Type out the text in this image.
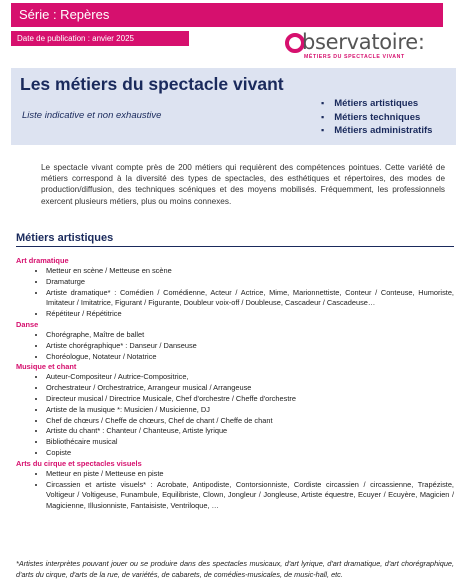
Série : Repères
Date de publication : anvier 2025	bservatoire:
MÉTIERS DU SPECTACLE VIVANT
Les métiers du spectacle vivant
Liste indicative et non exhaustive
▪ Métiers artistiques
▪ Métiers techniques
▪ Métiers administratifs

Le spectacle vivant compte près de 200 métiers qui requièrent des compétences pointues. Cette variété de métiers correspond à la diversité des types de spectacles, des esthétiques et répertoires, des modes de production/diffusion, des techniques scéniques et des moyens mobilisés. Fréquemment, les professionnels exercent plusieurs métiers, plus ou moins connexes.

Métiers artistiques
Art dramatique
• Metteur en scène / Metteuse en scène
• Dramaturge
• Artiste dramatique* : Comédien / Comédienne, Acteur / Actrice, Mime, Marionnettiste, Conteur / Conteuse, Humoriste, Imitateur / Imitatrice, Figurant / Figurante, Doubleur voix-off / Doubleuse, Cascadeur / Cascadeuse…
• Répétiteur / Répétitrice
Danse
• Chorégraphe, Maître de ballet
• Artiste chorégraphique* : Danseur / Danseuse
• Choréologue, Notateur / Notatrice
Musique et chant
• Auteur-Compositeur / Autrice-Compositrice,
• Orchestrateur / Orchestratrice, Arrangeur musical / Arrangeuse
• Directeur musical / Directrice Musicale, Chef d'orchestre / Cheffe d'orchestre
• Artiste de la musique *: Musicien / Musicienne, DJ
• Chef de chœurs / Cheffe de chœurs, Chef de chant / Cheffe de chant
• Artiste du chant* : Chanteur / Chanteuse, Artiste lyrique
• Bibliothécaire musical
• Copiste
Arts du cirque et spectacles visuels
• Metteur en piste / Metteuse en piste
• Circassien et artiste visuels* : Acrobate, Antipodiste, Contorsionniste, Cordiste circassien / circassienne, Trapéziste, Voltigeur / Voltigeuse, Funambule, Equilibriste, Clown, Jongleur / Jongleuse, Artiste équestre, Ecuyer / Ecuyère, Magicien / Magicienne, Illusionniste, Fantaisiste, Ventriloque, …

*Artistes interprètes pouvant jouer ou se produire dans des spectacles musicaux, d'art lyrique, d'art dramatique, d'art chorégraphique, d'arts du cirque, d'arts de la rue, de variétés, de cabarets, de comédies-musicales, de music-hall, etc.
